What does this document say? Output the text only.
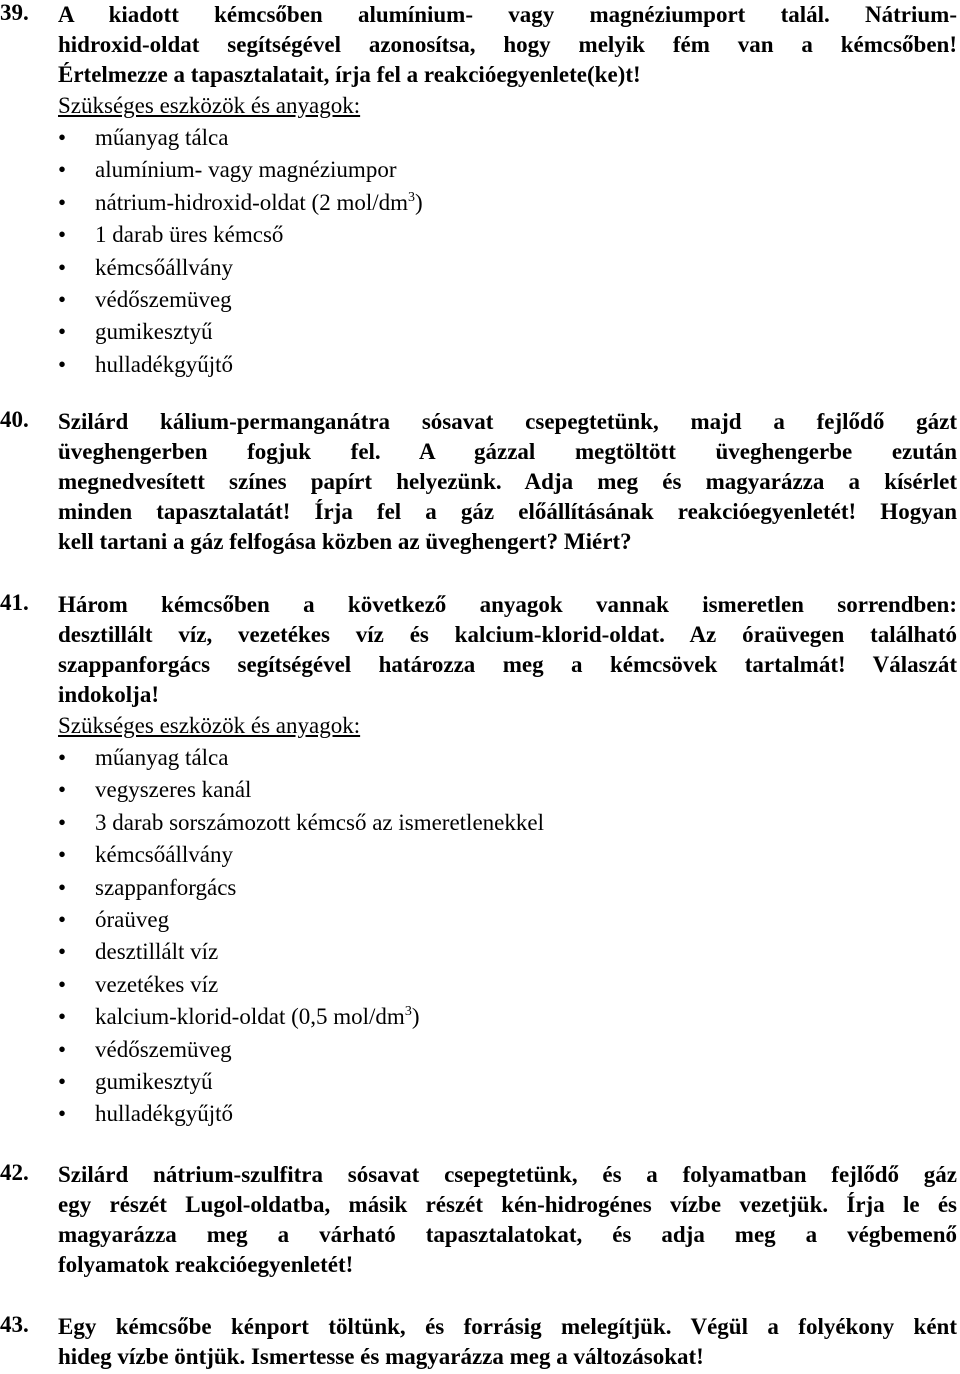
39. A kiadott kémcsőben alumínium- vagy magnéziumport talál. Nátrium-
hidroxid-oldat segítségével azonosítsa, hogy melyik fém van a kémcsőben!
Értelmezze a tapasztalatait, írja fel a reakcióegyenlete(ke)t!
Szükséges eszközök és anyagok:
• műanyag tálca
• alumínium- vagy magnéziumpor
• nátrium-hidroxid-oldat (2 mol/$dm^3$)
• 1 darab üres kémcső
• kémcsőállvány
• védőszemüveg
• gumikesztyű
• hulladékgyűjtő
40. Szilárd kálium-permanganátra sósavat csepegtetünk, majd a fejlődő gázt
üveghengerben fogjuk fel. A gázzal megtöltött üveghengerbe ezután
megnedvesített színes papírt helyezünk. Adja meg és magyarázza a kísérlet
minden tapasztalatát! Írja fel a gáz előállításának reakcióegyenletét! Hogyan
kell tartani a gáz felfogása közben az üveghengert? Miért?
41. Három kémcsőben a következő anyagok vannak ismeretlen sorrendben:
desztillált víz, vezetékes víz és kalcium-klorid-oldat. Az óraüvegen található
szappanforgács segítségével határozza meg a kémcsövek tartalmát! Válaszát
indokolja!
Szükséges eszközök és anyagok:
• műanyag tálca
• vegyszeres kanál
• 3 darab sorszámozott kémcső az ismeretlenekkel
• kémcsőállvány
• szappanforgács
• óraüveg
• desztillált víz
• vezetékes víz
• kalcium-klorid-oldat (0,5 mol/$dm^3$)
• védőszemüveg
• gumikesztyű
• hulladékgyűjtő
42. Szilárd nátrium-szulfitra sósavat csepegtetünk, és a folyamatban fejlődő gáz
egy részét Lugol-oldatba, másik részét kén-hidrogénes vízbe vezetjük. Írja le és
magyarázza meg a várható tapasztalatokat, és adja meg a végbemenő
folyamatok reakcióegyenletét!
43. Egy kémcsőbe kénport töltünk, és forrásig melegítjük. Végül a folyékony ként
hideg vízbe öntjük. Ismertesse és magyarázza meg a változásokat!
